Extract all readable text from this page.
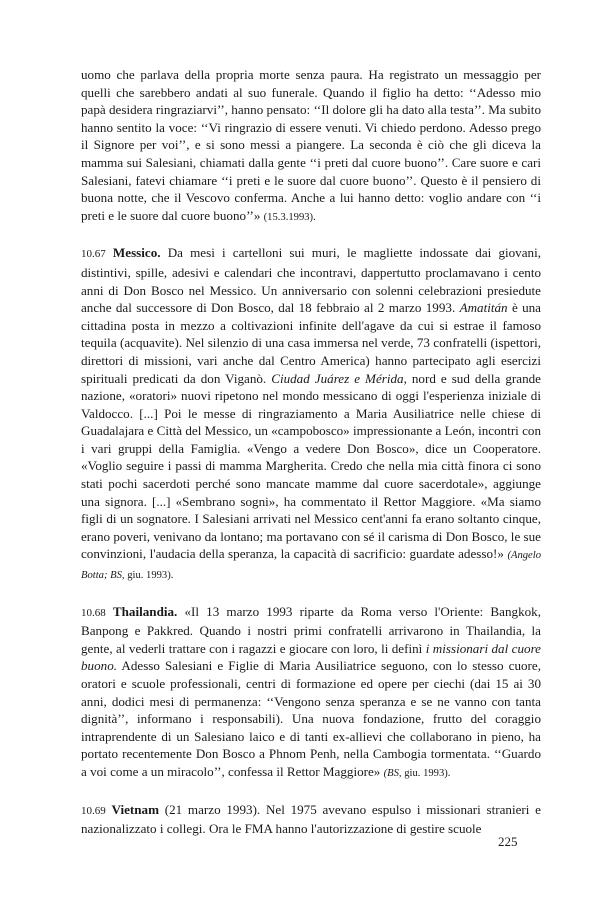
uomo che parlava della propria morte senza paura. Ha registrato un messaggio per quelli che sarebbero andati al suo funerale. Quando il figlio ha detto: ‘‘Adesso mio papà desidera ringraziarvi’’, hanno pensato: ‘‘Il dolore gli ha dato alla testa’’. Ma subito hanno sentito la voce: ‘‘Vi ringrazio di essere venuti. Vi chiedo perdono. Adesso prego il Signore per voi’’, e si sono messi a piangere. La seconda è ciò che gli diceva la mamma sui Salesiani, chiamati dalla gente ‘‘i preti dal cuore buono’’. Care suore e cari Salesiani, fatevi chiamare ‘‘i preti e le suore dal cuore buono’’. Questo è il pensiero di buona notte, che il Vescovo conferma. Anche a lui hanno detto: voglio andare con ‘‘i preti e le suore dal cuore buono’’» (15.3.1993).

10.67 Messico. Da mesi i cartelloni sui muri, le magliette indossate dai giovani, distintivi, spille, adesivi e calendari che incontravi, dappertutto proclamavano i cento anni di Don Bosco nel Messico. Un anniversario con solenni celebrazioni presiedute anche dal successore di Don Bosco, dal 18 febbraio al 2 marzo 1993. Amatitán è una cittadina posta in mezzo a coltivazioni infinite dell'agave da cui si estrae il famoso tequila (acquavite). Nel silenzio di una casa immersa nel verde, 73 confratelli (ispettori, direttori di missioni, vari anche dal Centro America) hanno partecipato agli esercizi spirituali predicati da don Viganò. Ciudad Juárez e Mérida, nord e sud della grande nazione, «oratori» nuovi ripetono nel mondo messicano di oggi l'esperienza iniziale di Valdocco. [...] Poi le messe di ringraziamento a Maria Ausiliatrice nelle chiese di Guadalajara e Città del Messico, un «campobosco» impressionante a León, incontri con i vari gruppi della Famiglia. «Vengo a vedere Don Bosco», dice un Cooperatore. «Voglio seguire i passi di mamma Margherita. Credo che nella mia città finora ci sono stati pochi sacerdoti perché sono mancate mamme dal cuore sacerdotale», aggiunge una signora. [...] «Sembrano sogni», ha commentato il Rettor Maggiore. «Ma siamo figli di un sognatore. I Salesiani arrivati nel Messico cent'anni fa erano soltanto cinque, erano poveri, venivano da lontano; ma portavano con sé il carisma di Don Bosco, le sue convinzioni, l'audacia della speranza, la capacità di sacrificio: guardate adesso!» (Angelo Botta; BS, giu. 1993).

10.68 Thailandia. «Il 13 marzo 1993 riparte da Roma verso l'Oriente: Bangkok, Banpong e Pakkred. Quando i nostri primi confratelli arrivarono in Thailandia, la gente, al vederli trattare con i ragazzi e giocare con loro, li definì i missionari dal cuore buono. Adesso Salesiani e Figlie di Maria Ausiliatrice seguono, con lo stesso cuore, oratori e scuole professionali, centri di formazione ed opere per ciechi (dai 15 ai 30 anni, dodici mesi di permanenza: ‘‘Vengono senza speranza e se ne vanno con tanta dignità’’, informano i responsabili). Una nuova fondazione, frutto del coraggio intraprendente di un Salesiano laico e di tanti ex-allievi che collaborano in pieno, ha portato recentemente Don Bosco a Phnom Penh, nella Cambogia tormentata. ‘‘Guardo a voi come a un miracolo’’, confessa il Rettor Maggiore» (BS, giu. 1993).

10.69 Vietnam (21 marzo 1993). Nel 1975 avevano espulso i missionari stranieri e nazionalizzato i collegi. Ora le FMA hanno l'autorizzazione di gestire scuole

225
